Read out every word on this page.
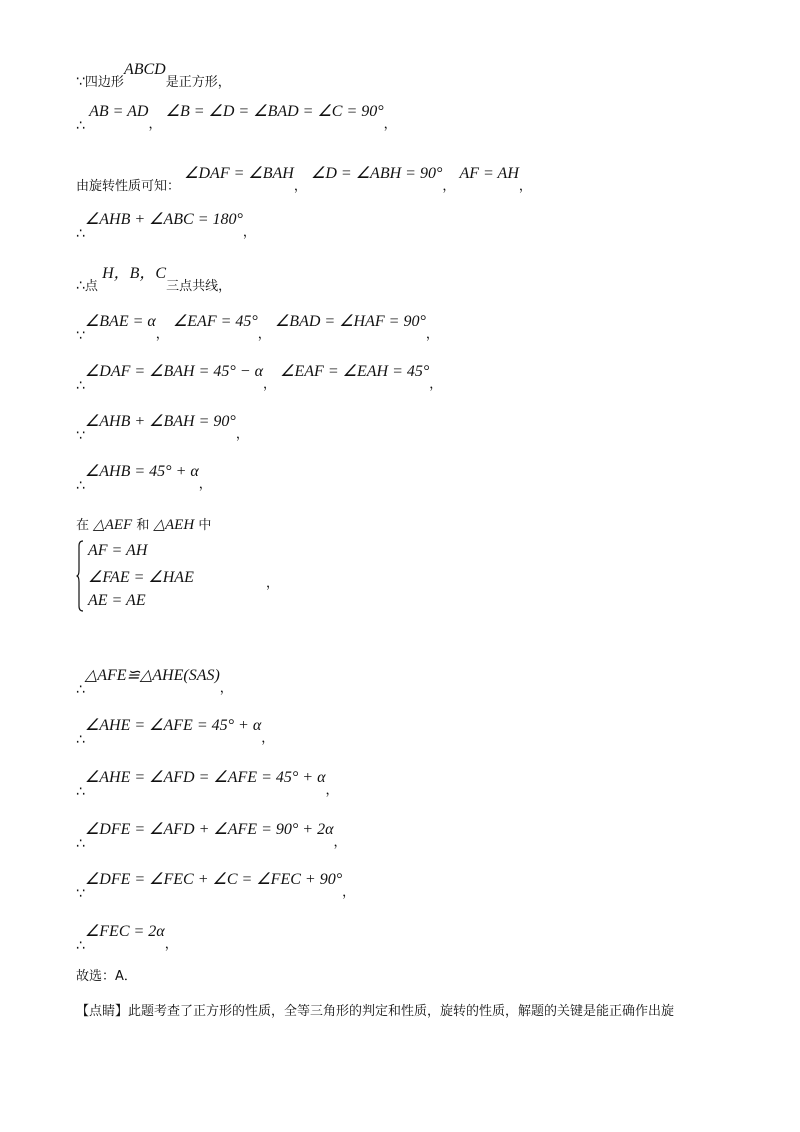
∵四边形ABCD是正方形，
∴ AB = AD， ∠B = ∠D = ∠BAD = ∠C = 90°，
由旋转性质可知： ∠DAF = ∠BAH， ∠D = ∠ABH = 90°， AF = AH，
∴∠AHB + ∠ABC = 180°，
∴点 H，B，C三点共线，
∵∠BAE = α， ∠EAF = 45°， ∠BAD = ∠HAF = 90°，
∴∠DAF = ∠BAH = 45° − α， ∠EAF = ∠EAH = 45°，
∵∠AHB + ∠BAH = 90°，
∴∠AHB = 45° + α，
在 △AEF 和 △AEH 中
AF = AH
∠FAE = ∠HAE
AE = AE
，
∴△AFE≌△AHE(SAS)，
∴∠AHE = ∠AFE = 45° + α，
∴∠AHE = ∠AFD = ∠AFE = 45° + α，
∴∠DFE = ∠AFD + ∠AFE = 90° + 2α，
∵∠DFE = ∠FEC + ∠C = ∠FEC + 90°，
∴∠FEC = 2α，
故选：A．
【点睛】此题考查了正方形的性质，全等三角形的判定和性质，旋转的性质，解题的关键是能正确作出旋
